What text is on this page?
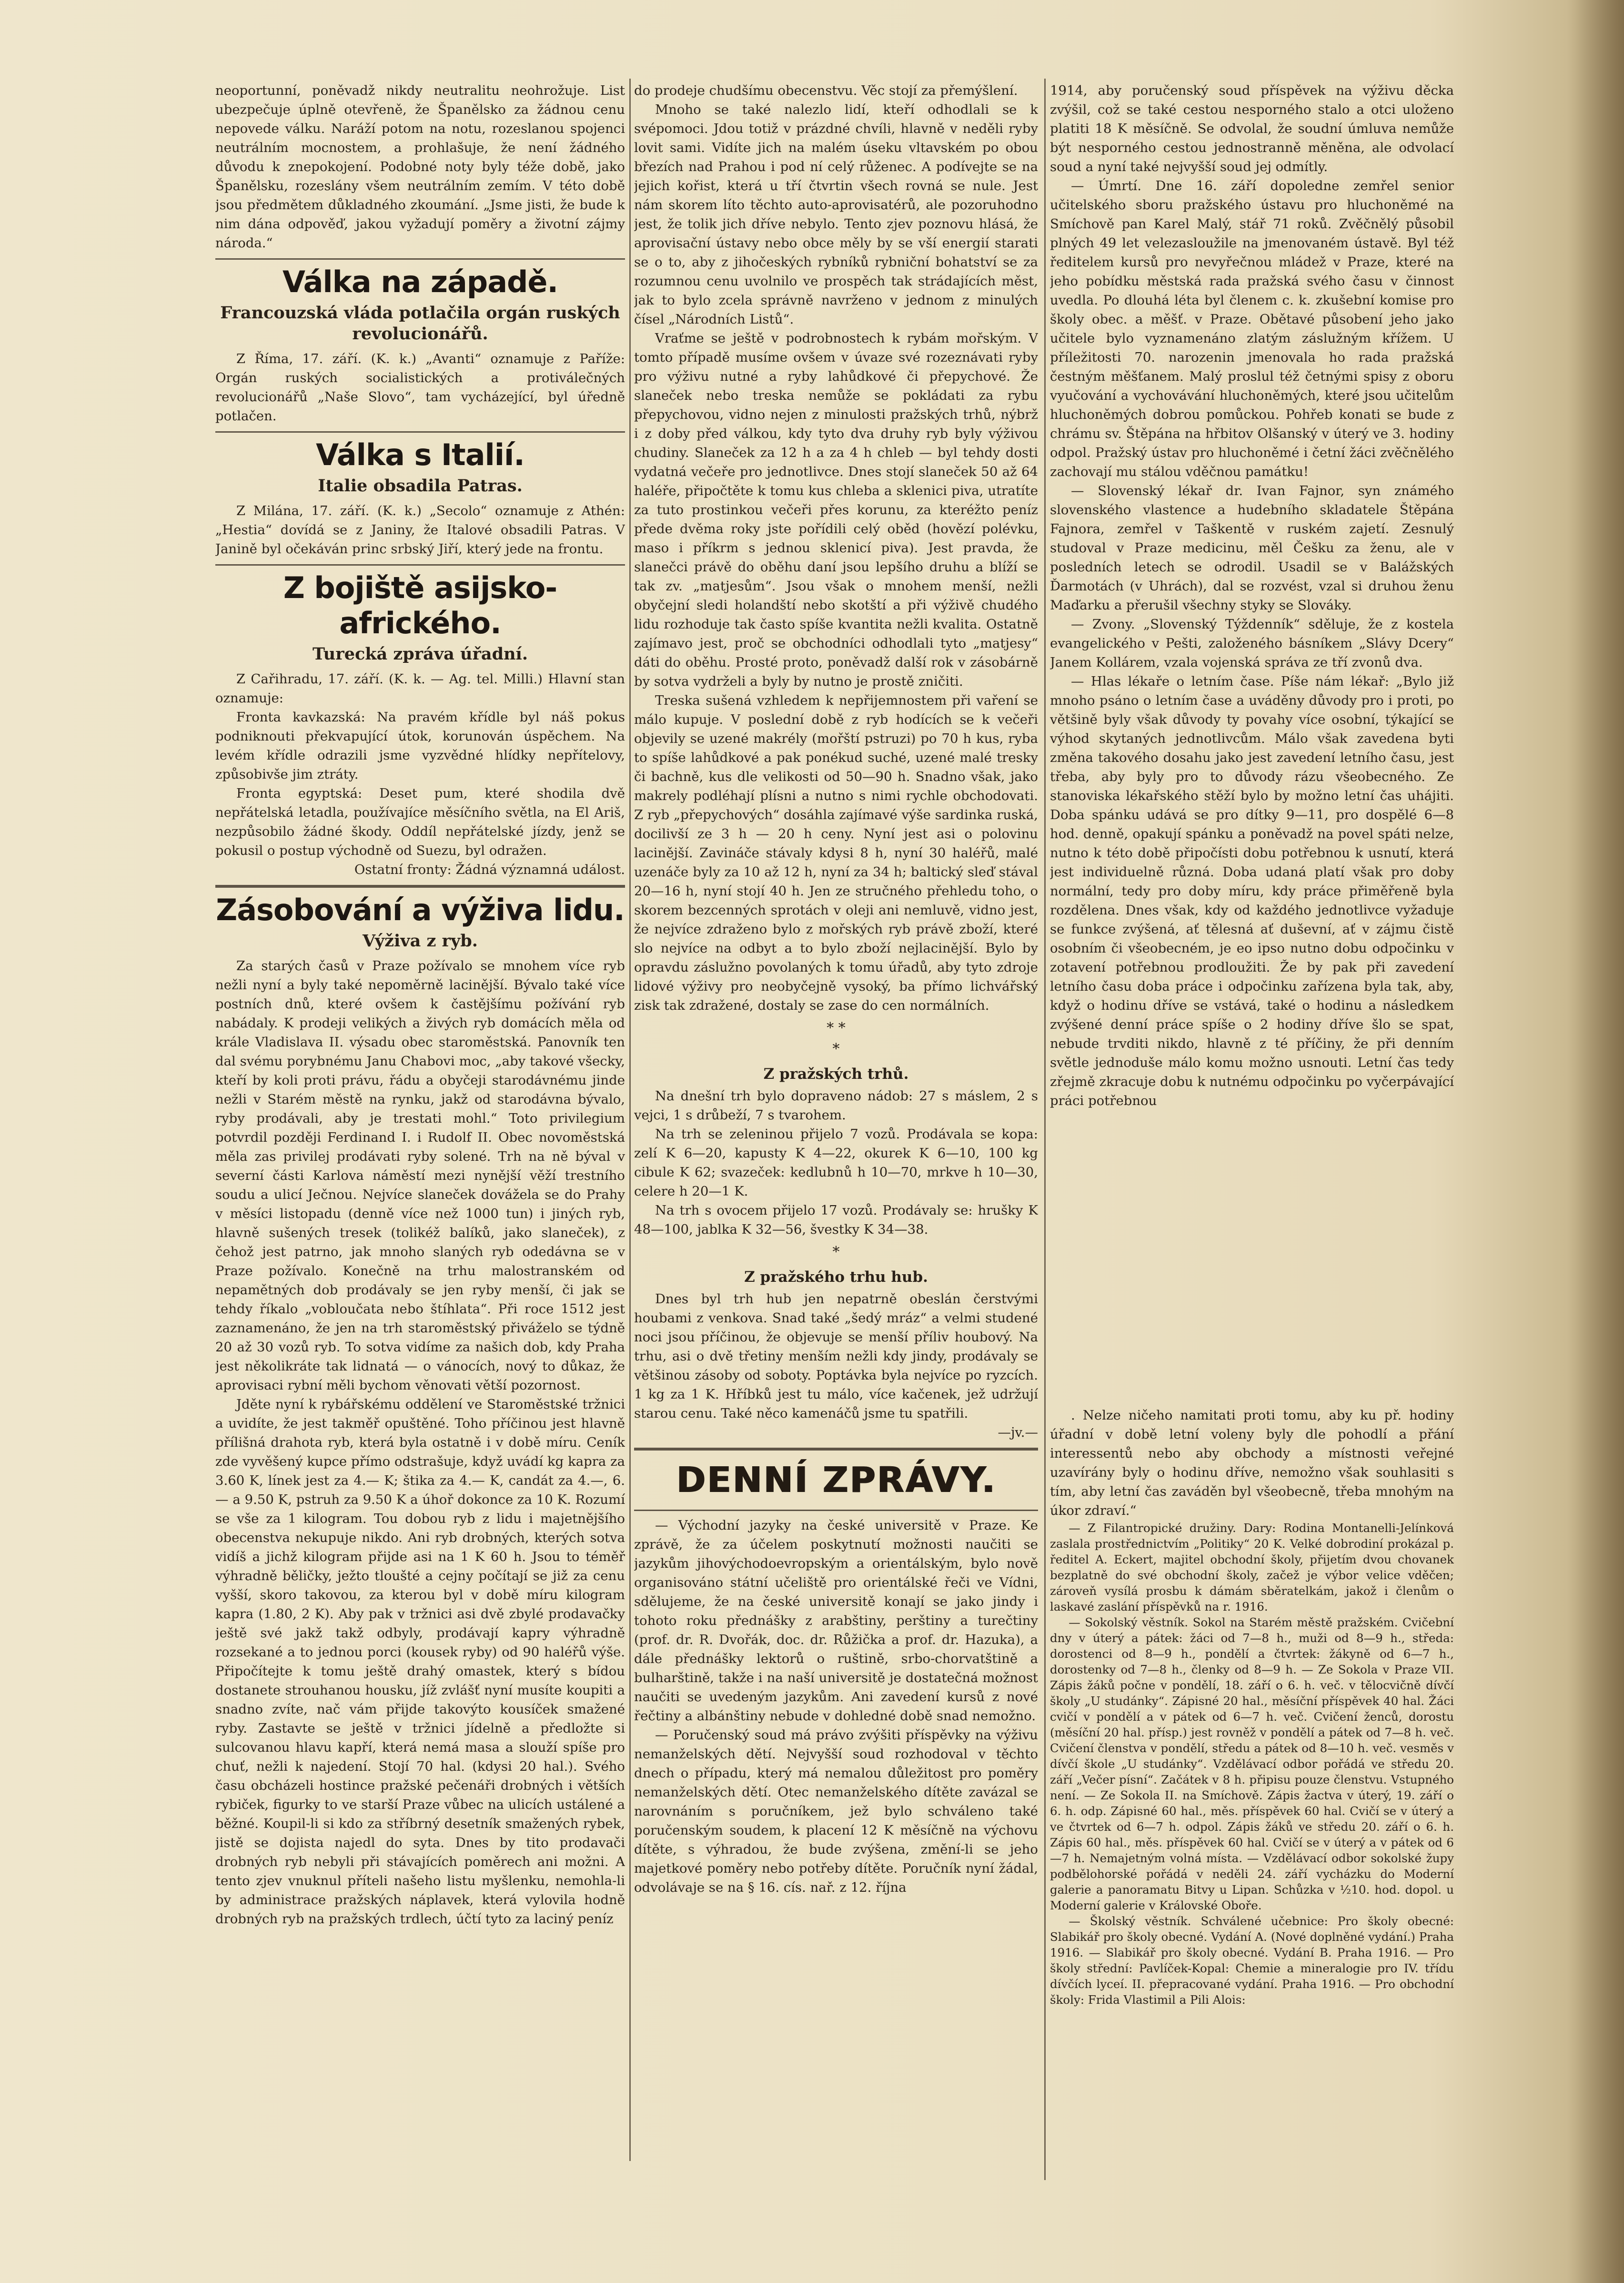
neoportunní, poněvadž nikdy neutralitu neohrožuje. List ubezpečuje úplně otevřeně, že Španělsko za žádnou cenu nepovede válku. Naráží potom na notu, rozeslanou spojenci neutrálním mocnostem, a prohlašuje, že není žádného důvodu k znepokojení. Podobné noty byly téže době, jako Španělsku, rozeslány všem neutrálním zemím. V této době jsou předmětem důkladného zkoumání. „Jsme jisti, že bude k nim dána odpověď, jakou vyžadují poměry a životní zájmy národa.“

Válka na západě.
Francouzská vláda potlačila orgán ruských revolucionářů.

Z Říma, 17. září. (K. k.) „Avanti“ oznamuje z Paříže: Orgán ruských socialistických a protiválečných revolucionářů „Naše Slovo“, tam vycházející, byl úředně potlačen.

Válka s Italií.
Italie obsadila Patras.

Z Milána, 17. září. (K. k.) „Secolo“ oznamuje z Athén: „Hestia“ dovídá se z Janiny, že Italové obsadili Patras. V Janině byl očekáván princ srbský Jiří, který jede na frontu.

Z bojiště asijsko-afrického.
Turecká zpráva úřadní.

Z Cařihradu, 17. září. (K. k. — Ag. tel. Milli.) Hlavní stan oznamuje:

Fronta kavkazská: Na pravém křídle byl náš pokus podniknouti překvapující útok, korunován úspěchem. Na levém křídle odrazili jsme vyzvědné hlídky nepřítelovy, způsobivše jim ztráty.

Fronta egyptská: Deset pum, které shodila dvě nepřátelská letadla, používajíce měsíčního světla, na El Ariš, nezpůsobilo žádné škody. Oddíl nepřátelské jízdy, jenž se pokusil o postup východně od Suezu, byl odražen.

Ostatní fronty: Žádná významná událost.

Zásobování a výživa lidu.
Výživa z ryb.

Za starých časů v Praze požívalo se mnohem více ryb nežli nyní a byly také nepoměrně lacinější. Bývalo také více postních dnů, které ovšem k častějšímu požívání ryb nabádaly. K prodeji velikých a živých ryb domácích měla od krále Vladislava II. výsadu obec staroměstská. Panovník ten dal svému porybnému Janu Chabovi moc, „aby takové všecky, kteří by koli proti právu, řádu a obyčeji starodávnému jinde nežli v Starém městě na rynku, jakž od starodávna bývalo, ryby prodávali, aby je trestati mohl.“ Toto privilegium potvrdil později Ferdinand I. i Rudolf II. Obec novoměstská měla zas privilej prodávati ryby solené. Trh na ně býval v severní části Karlova náměstí mezi nynější věží trestního soudu a ulicí Ječnou. Nejvíce slaneček dovážela se do Prahy v měsíci listopadu (denně více než 1000 tun) i jiných ryb, hlavně sušených tresek (tolikéž balíků, jako slaneček), z čehož jest patrno, jak mnoho slaných ryb odedávna se v Praze požívalo. Konečně na trhu malostranském od nepamětných dob prodávaly se jen ryby menší, či jak se tehdy říkalo „vobloučata nebo štíhlata“. Při roce 1512 jest zaznamenáno, že jen na trh staroměstský přiváželo se týdně 20 až 30 vozů ryb. To sotva vidíme za našich dob, kdy Praha jest několikráte tak lidnatá — o vánocích, nový to důkaz, že aprovisaci rybní měli bychom věnovati větší pozornost.

Jděte nyní k rybářskému oddělení ve Staroměstské tržnici a uvidíte, že jest takměř opuštěné. Toho příčinou jest hlavně přílišná drahota ryb, která byla ostatně i v době míru. Ceník zde vyvěšený kupce přímo odstrašuje, když uvádí kg kapra za 3.60 K, línek jest za 4.— K; štika za 4.— K, candát za 4.—, 6.— a 9.50 K, pstruh za 9.50 K a úhoř dokonce za 10 K. Rozumí se vše za 1 kilogram. Tou dobou ryb z lidu i majetnějšího obecenstva nekupuje nikdo. Ani ryb drobných, kterých sotva vidíš a jichž kilogram přijde asi na 1 K 60 h. Jsou to téměř výhradně běličky, ježto tloušté a cejny počítají se již za cenu vyšší, skoro takovou, za kterou byl v době míru kilogram kapra (1.80, 2 K). Aby pak v tržnici asi dvě zbylé prodavačky ještě své jakž takž odbyly, prodávají kapry výhradně rozsekané a to jednou porci (kousek ryby) od 90 haléřů výše. Připočítejte k tomu ještě drahý omastek, který s bídou dostanete strouhanou housku, jíž zvlášť nyní musíte koupiti a snadno zvíte, nač vám přijde takovýto kousíček smažené ryby. Zastavte se ještě v tržnici jídelně a předložte si sulcovanou hlavu kapří, která nemá masa a slouží spíše pro chuť, nežli k najedení. Stojí 70 hal. (kdysi 20 hal.). Svého času obcházeli hostince pražské pečenáři drobných i větších rybiček, figurky to ve starší Praze vůbec na ulicích ustálené a běžné. Koupil-li si kdo za stříbrný desetník smažených rybek, jistě se dojista najedl do syta. Dnes by tito prodavači drobných ryb nebyli při stávajících poměrech ani možni. A tento zjev vnuknul příteli našeho listu myšlenku, nemohla-li by administrace pražských náplavek, která vylovila hodně drobných ryb na pražských trdlech, účtí tyto za laciný peníz

do prodeje chudšímu obecenstvu. Věc stojí za přemýšlení.

Mnoho se také nalezlo lidí, kteří odhodlali se k svépomoci. Jdou totiž v prázdné chvíli, hlavně v neděli ryby lovit sami. Vidíte jich na malém úseku vltavském po obou březích nad Prahou i pod ní celý růženec. A podívejte se na jejich kořist, která u tří čtvrtin všech rovná se nule. Jest nám skorem líto těchto auto-aprovisatérů, ale pozoruhodno jest, že tolik jich dříve nebylo. Tento zjev poznovu hlásá, že aprovisační ústavy nebo obce měly by se vší energií starati se o to, aby z jihočeských rybníků rybniční bohatství se za rozumnou cenu uvolnilo ve prospěch tak strádajících měst, jak to bylo zcela správně navrženo v jednom z minulých čísel „Národních Listů“.

Vraťme se ještě v podrobnostech k rybám mořským. V tomto případě musíme ovšem v úvaze své rozeznávati ryby pro výživu nutné a ryby lahůdkové či přepychové. Že slaneček nebo treska nemůže se pokládati za rybu přepychovou, vidno nejen z minulosti pražských trhů, nýbrž i z doby před válkou, kdy tyto dva druhy ryb byly výživou chudiny. Slaneček za 12 h a za 4 h chleb — byl tehdy dosti vydatná večeře pro jednotlivce. Dnes stojí slaneček 50 až 64 haléře, připočtěte k tomu kus chleba a sklenici piva, utratíte za tuto prostinkou večeři přes korunu, za kteréžto peníz přede dvěma roky jste pořídili celý oběd (hovězí polévku, maso i příkrm s jednou sklenicí piva). Jest pravda, že slanečci právě do oběhu daní jsou lepšího druhu a blíží se tak zv. „matjesům“. Jsou však o mnohem menší, nežli obyčejní sledi holandští nebo skotští a při výživě chudého lidu rozhoduje tak často spíše kvantita nežli kvalita. Ostatně zajímavo jest, proč se obchodníci odhodlali tyto „matjesy“ dáti do oběhu. Prosté proto, poněvadž další rok v zásobárně by sotva vydrželi a byly by nutno je prostě zničiti.

Treska sušená vzhledem k nepřijemnostem při vaření se málo kupuje. V poslední době z ryb hodících se k večeři objevily se uzené makrély (mořští pstruzi) po 70 h kus, ryba to spíše lahůdkové a pak ponékud suché, uzené malé tresky či bachně, kus dle velikosti od 50—90 h. Snadno však, jako makrely podléhají plísni a nutno s nimi rychle obchodovati. Z ryb „přepychových“ dosáhla zajímavé výše sardinka ruská, docilivší ze 3 h — 20 h ceny. Nyní jest asi o polovinu lacinější. Zavináče stávaly kdysi 8 h, nyní 30 haléřů, malé uzenáče byly za 10 až 12 h, nyní za 34 h; baltický sleď stával 20—16 h, nyní stojí 40 h. Jen ze stručného přehledu toho, o skorem bezcenných sprotách v oleji ani nemluvě, vidno jest, že nejvíce zdraženo bylo z mořských ryb právě zboží, které slo nejvíce na odbyt a to bylo zboží nejlacinější. Bylo by opravdu záslužno povolaných k tomu úřadů, aby tyto zdroje lidové výživy pro neobyčejně vysoký, ba přímo lichvářský zisk tak zdražené, dostaly se zase do cen normálních.

* *
*
Z pražských trhů.

Na dnešní trh bylo dopraveno nádob: 27 s máslem, 2 s vejci, 1 s drůbeží, 7 s tvarohem.

Na trh se zeleninou přijelo 7 vozů. Prodávala se kopa: zelí K 6—20, kapusty K 4—22, okurek K 6—10, 100 kg cibule K 62; svazeček: kedlubnů h 10—70, mrkve h 10—30, celere h 20—1 K.

Na trh s ovocem přijelo 17 vozů. Prodávaly se: hrušky K 48—100, jablka K 32—56, švestky K 34—38.

*
Z pražského trhu hub.

Dnes byl trh hub jen nepatrně obeslán čerstvými houbami z venkova. Snad také „šedý mráz“ a velmi studené noci jsou příčinou, že objevuje se menší příliv houbový. Na trhu, asi o dvě třetiny menším nežli kdy jindy, prodávaly se většinou zásoby od soboty. Poptávka byla nejvíce po ryzcích. 1 kg za 1 K. Hříbků jest tu málo, více kačenek, jež udržují starou cenu. Také něco kamenáčů jsme tu spatřili.

—jv.—

DENNÍ ZPRÁVY.

— Východní jazyky na české universitě v Praze. Ke zprávě, že za účelem poskytnutí možnosti naučiti se jazykům jihovýchodoevropským a orientálským, bylo nově organisováno státní učeliště pro orientálské řeči ve Vídni, sdělujeme, že na české universitě konají se jako jindy i tohoto roku přednášky z arabštiny, perštiny a turečtiny (prof. dr. R. Dvořák, doc. dr. Růžička a prof. dr. Hazuka), a dále přednášky lektorů o ruštině, srbo-chorvatštině a bulharštině, takže i na naší universitě je dostatečná možnost naučiti se uvedeným jazykům. Ani zavedení kursů z nové řečtiny a albánštiny nebude v dohledné době snad nemožno.

— Poručenský soud má právo zvýšiti příspěvky na výživu nemanželských dětí. Nejvyšší soud rozhodoval v těchto dnech o případu, který má nemalou důležitost pro poměry nemanželských dětí. Otec nemanželského dítěte zavázal se narovnáním s poručníkem, jež bylo schváleno také poručenským soudem, k placení 12 K měsíčně na výchovu dítěte, s výhradou, že bude zvýšena, změní-li se jeho majetkové poměry nebo potřeby dítěte. Poručník nyní žádal, odvolávaje se na § 16. cís. nař. z 12. října

1914, aby poručenský soud příspěvek na výživu děcka zvýšil, což se také cestou nesporného stalo a otci uloženo platiti 18 K měsíčně. Se odvolal, že soudní úmluva nemůže být nesporného cestou jednostranně měněna, ale odvolací soud a nyní také nejvyšší soud jej odmítly.

— Úmrtí. Dne 16. září dopoledne zemřel senior učitelského sboru pražského ústavu pro hluchoněmé na Smíchově pan Karel Malý, stář 71 roků. Zvěčnělý působil plných 49 let velezasloužile na jmenovaném ústavě. Byl též ředitelem kursů pro nevyřečnou mládež v Praze, které na jeho pobídku městská rada pražská svého času v činnost uvedla. Po dlouhá léta byl členem c. k. zkušební komise pro školy obec. a měšť. v Praze. Obětavé působení jeho jako učitele bylo vyznamenáno zlatým záslužným křížem. U příležitosti 70. narozenin jmenovala ho rada pražská čestným měšťanem. Malý proslul též četnými spisy z oboru vyučování a vychovávání hluchoněmých, které jsou učitelům hluchoněmých dobrou pomůckou. Pohřeb konati se bude z chrámu sv. Štěpána na hřbitov Olšanský v úterý ve 3. hodiny odpol. Pražský ústav pro hluchoněmé i četní žáci zvěčnělého zachovají mu stálou vděčnou památku!

— Slovenský lékař dr. Ivan Fajnor, syn známého slovenského vlastence a hudebního skladatele Štěpána Fajnora, zemřel v Taškentě v ruském zajetí. Zesnulý studoval v Praze medicinu, měl Češku za ženu, ale v posledních letech se odrodil. Usadil se v Balážských Ďarmotách (v Uhrách), dal se rozvést, vzal si druhou ženu Maďarku a přerušil všechny styky se Slováky.

— Zvony. „Slovenský Týždenník“ sděluje, že z kostela evangelického v Pešti, založeného básníkem „Slávy Dcery“ Janem Kollárem, vzala vojenská správa ze tří zvonů dva.

— Hlas lékaře o letním čase. Píše nám lékař: „Bylo již mnoho psáno o letním čase a uváděny důvody pro i proti, po většině byly však důvody ty povahy více osobní, týkající se výhod skytaných jednotlivcům. Málo však zavedena byti změna takového dosahu jako jest zavedení letního času, jest třeba, aby byly pro to důvody rázu všeobecného. Ze stanoviska lékařského stěží bylo by možno letní čas uhájiti. Doba spánku udává se pro dítky 9—11, pro dospělé 6—8 hod. denně, opakují spánku a poněvadž na povel spáti nelze, nutno k této době připočísti dobu potřebnou k usnutí, která jest individuelně různá. Doba udaná platí však pro doby normální, tedy pro doby míru, kdy práce přiměřeně byla rozdělena. Dnes však, kdy od každého jednotlivce vyžaduje se funkce zvýšená, ať tělesná ať duševní, ať v zájmu čistě osobním či všeobecném, je eo ipso nutno dobu odpočinku v zotavení potřebnou prodloužiti. Že by pak při zavedení letního času doba práce i odpočinku zařízena byla tak, aby, když o hodinu dříve se vstává, také o hodinu a následkem zvýšené denní práce spíše o 2 hodiny dříve šlo se spat, nebude trvditi nikdo, hlavně z té příčiny, že při denním světle jednoduše málo komu možno usnouti. Letní čas tedy zřejmě zkracuje dobu k nutnému odpočinku po vyčerpávající práci potřebnou

. Nelze ničeho namitati proti tomu, aby ku př. hodiny úřadní v době letní voleny byly dle pohodlí a přání interessentů nebo aby obchody a místnosti veřejné uzavírány byly o hodinu dříve, nemožno však souhlasiti s tím, aby letní čas zaváděn byl všeobecně, třeba mnohým na úkor zdraví.“

— Z Filantropické družiny. Dary: Rodina Montanelli-Jelínková zaslala prostřednictvím „Politiky“ 20 K. Velké dobrodiní prokázal p. ředitel A. Eckert, majitel obchodní školy, přijetím dvou chovanek bezplatně do své obchodní školy, začež je výbor velice vděčen; zároveň vysílá prosbu k dámám sběratelkám, jakož i členům o laskavé zaslání příspěvků na r. 1916.

— Sokolský věstník. Sokol na Starém městě pražském. Cvičební dny v úterý a pátek: žáci od 7—8 h., muži od 8—9 h., středa: dorostenci od 8—9 h., pondělí a čtvrtek: žákyně od 6—7 h., dorostenky od 7—8 h., členky od 8—9 h. — Ze Sokola v Praze VII. Zápis žáků počne v pondělí, 18. září o 6. h. več. v tělocvičně dívčí školy „U studánky“. Zápisné 20 hal., měsíční příspěvek 40 hal. Žáci cvičí v pondělí a v pátek od 6—7 h. več. Cvičení ženců, dorostu (měsíční 20 hal. přísp.) jest rovněž v pondělí a pátek od 7—8 h. več. Cvičení členstva v pondělí, středu a pátek od 8—10 h. več. vesměs v dívčí škole „U studánky“. Vzdělávací odbor pořádá ve středu 20. září „Večer písní“. Začátek v 8 h. připisu pouze členstvu. Vstupného není. — Ze Sokola II. na Smíchově. Zápis žactva v úterý, 19. září o 6. h. odp. Zápisné 60 hal., měs. příspěvek 60 hal. Cvičí se v úterý a ve čtvrtek od 6—7 h. odpol. Zápis žáků ve středu 20. září o 6. h. Zápis 60 hal., měs. příspěvek 60 hal. Cvičí se v úterý a v pátek od 6—7 h. Nemajetným volná místa. — Vzdělávací odbor sokolské župy podbělohorské pořádá v neděli 24. září vycházku do Moderní galerie a panoramatu Bitvy u Lipan. Schůzka v ½10. hod. dopol. u Moderní galerie v Královské Oboře.

— Školský věstník. Schválené učebnice: Pro školy obecné: Slabikář pro školy obecné. Vydání A. (Nové doplněné vydání.) Praha 1916. — Slabikář pro školy obecné. Vydání B. Praha 1916. — Pro školy střední: Pavlíček-Kopal: Chemie a mineralogie pro IV. třídu dívčích lyceí. II. přepracované vydání. Praha 1916. — Pro obchodní školy: Frida Vlastimil a Pili Alois:
